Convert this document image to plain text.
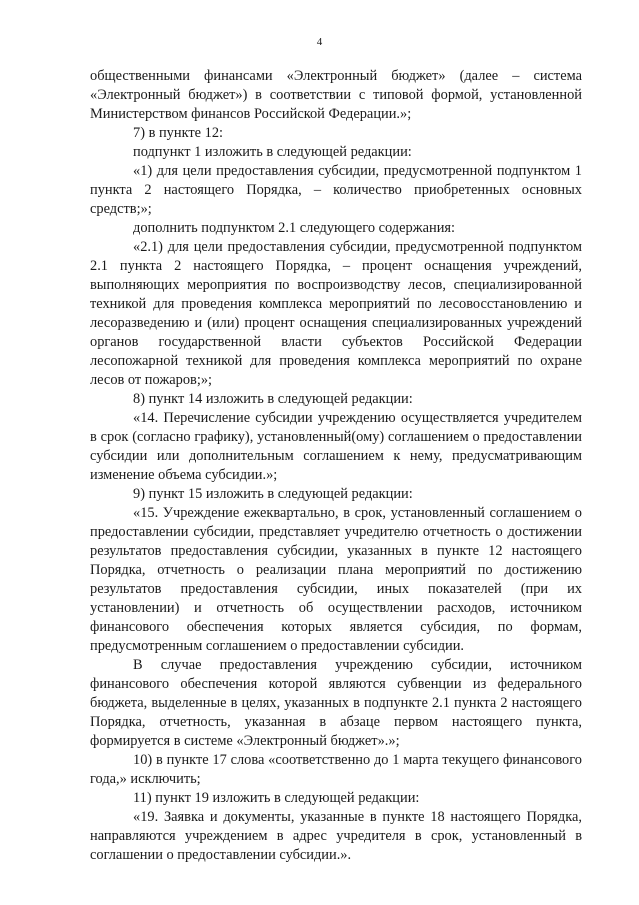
4

общественными финансами «Электронный бюджет» (далее – система «Электронный бюджет») в соответствии с типовой формой, установленной Министерством финансов Российской Федерации.»;

7) в пункте 12:

подпункт 1 изложить в следующей редакции:

«1) для цели предоставления субсидии, предусмотренной подпунктом 1 пункта 2 настоящего Порядка, – количество приобретенных основных средств;»;

дополнить подпунктом 2.1 следующего содержания:

«2.1) для цели предоставления субсидии, предусмотренной подпунктом 2.1 пункта 2 настоящего Порядка, – процент оснащения учреждений, выполняющих мероприятия по воспроизводству лесов, специализированной техникой для проведения комплекса мероприятий по лесовосстановлению и лесоразведению и (или) процент оснащения специализированных учреждений органов государственной власти субъектов Российской Федерации лесопожарной техникой для проведения комплекса мероприятий по охране лесов от пожаров;»;

8) пункт 14 изложить в следующей редакции:

«14. Перечисление субсидии учреждению осуществляется учредителем в срок (согласно графику), установленный(ому) соглашением о предоставлении субсидии или дополнительным соглашением к нему, предусматривающим изменение объема субсидии.»;

9) пункт 15 изложить в следующей редакции:

«15. Учреждение ежеквартально, в срок, установленный соглашением о предоставлении субсидии, представляет учредителю отчетность о достижении результатов предоставления субсидии, указанных в пункте 12 настоящего Порядка, отчетность о реализации плана мероприятий по достижению результатов предоставления субсидии, иных показателей (при их установлении) и отчетность об осуществлении расходов, источником финансового обеспечения которых является субсидия, по формам, предусмотренным соглашением о предоставлении субсидии.

В случае предоставления учреждению субсидии, источником финансового обеспечения которой являются субвенции из федерального бюджета, выделенные в целях, указанных в подпункте 2.1 пункта 2 настоящего Порядка, отчетность, указанная в абзаце первом настоящего пункта, формируется в системе «Электронный бюджет».»;

10) в пункте 17 слова «соответственно до 1 марта текущего финансового года,» исключить;

11) пункт 19 изложить в следующей редакции:

«19. Заявка и документы, указанные в пункте 18 настоящего Порядка, направляются учреждением в адрес учредителя в срок, установленный в соглашении о предоставлении субсидии.».
